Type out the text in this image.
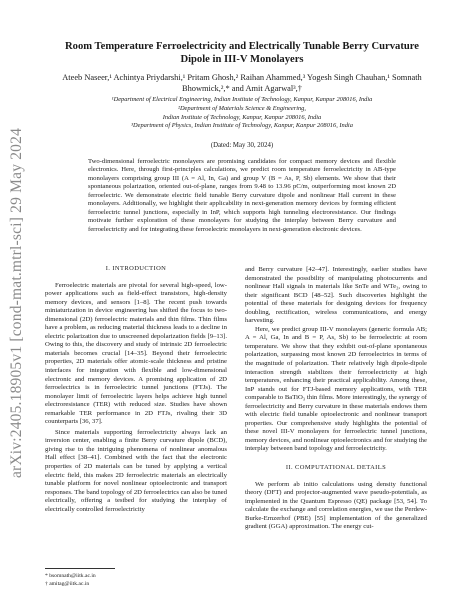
arXiv:2405.18905v1 [cond-mat.mtrl-sci] 29 May 2024
Room Temperature Ferroelectricity and Electrically Tunable Berry Curvature Dipole in III-V Monolayers
Ateeb Naseer,¹ Achintya Priydarshi,¹ Pritam Ghosh,² Raihan Ahammed,³ Yogesh Singh Chauhan,¹ Somnath Bhowmick,²,* and Amit Agarwal³,†
¹Department of Electrical Engineering, Indian Institute of Technology, Kanpur, Kanpur 208016, India
²Department of Materials Science & Engineering,
Indian Institute of Technology, Kanpur, Kanpur 208016, India
³Department of Physics, Indian Institute of Technology, Kanpur, Kanpur 208016, India
(Dated: May 30, 2024)
Two-dimensional ferroelectric monolayers are promising candidates for compact memory devices and flexible electronics. Here, through first-principles calculations, we predict room temperature ferroelectricity in AB-type monolayers comprising group III (A = Al, In, Ga) and group V (B = As, P, Sb) elements. We show that their spontaneous polarization, oriented out-of-plane, ranges from 9.48 to 13.96 pC/m, outperforming most known 2D ferroelectric. We demonstrate electric field tunable Berry curvature dipole and nonlinear Hall current in these monolayers. Additionally, we highlight their applicability in next-generation memory devices by forming efficient ferroelectric tunnel junctions, especially in InP, which supports high tunneling electroresistance. Our findings motivate further exploration of these monolayers for studying the interplay between Berry curvature and ferroelectricity and for integrating these ferroelectric monolayers in next-generation electronic devices.
I. INTRODUCTION
Ferroelectric materials are pivotal for several high-speed, low-power applications such as field-effect transistors, high-density memory devices, and sensors [1–8]. The recent push towards miniaturization in device engineering has shifted the focus to two-dimensional (2D) ferroelectric materials and thin films. Thin films have a problem, as reducing material thickness leads to a decline in electric polarization due to unscreened depolarization fields [9–13]. Owing to this, the discovery and study of intrinsic 2D ferroelectric materials becomes crucial [14–35]. Beyond their ferroelectric properties, 2D materials offer atomic-scale thickness and pristine interfaces for integration with flexible and low-dimensional electronic and memory devices. A promising application of 2D ferroelectrics is in ferroelectric tunnel junctions (FTJs). The monolayer limit of ferroelectric layers helps achieve high tunnel electroresistance (TER) with reduced size. Studies have shown remarkable TER performance in 2D FTJs, rivaling their 3D counterparts [36, 37].
Since materials supporting ferroelectricity always lack an inversion center, enabling a finite Berry curvature dipole (BCD), giving rise to the intriguing phenomena of nonlinear anomalous Hall effect [38–41]. Combined with the fact that the electronic properties of 2D materials can be tuned by applying a vertical electric field, this makes 2D ferroelectric materials an electrically tunable platform for novel nonlinear optoelectronic and transport responses. The band topology of 2D ferroelectrics can also be tuned electrically, offering a testbed for studying the interplay of electrically controlled ferroelectricity
and Berry curvature [42–47]. Interestingly, earlier studies have demonstrated the possibility of manipulating photocurrents and nonlinear Hall signals in materials like SnTe and WTe₂, owing to their significant BCD [48–52]. Such discoveries highlight the potential of these materials for designing devices for frequency doubling, rectification, wireless communications, and energy harvesting.
Here, we predict group III-V monolayers (generic formula AB; A = Al, Ga, In and B = P, As, Sb) to be ferroelectric at room temperature. We show that they exhibit out-of-plane spontaneous polarization, surpassing most known 2D ferroelectrics in terms of the magnitude of polarization. Their relatively high dipole-dipole interaction strength stabilizes their ferroelectricity at high temperatures, enhancing their practical applicability. Among these, InP stands out for FTJ-based memory applications, with TER comparable to BaTiO₃ thin films. More interestingly, the synergy of ferroelectricity and Berry curvature in these materials endows them with electric field tunable optoelectronic and nonlinear transport properties. Our comprehensive study highlights the potential of these novel III-V monolayers for ferroelectric tunnel junctions, memory devices, and nonlinear optoelectronics and for studying the interplay between band topology and ferroelectricity.
II. COMPUTATIONAL DETAILS
We perform ab initio calculations using density functional theory (DFT) and projector-augmented wave pseudo-potentials, as implemented in the Quantum Espresso (QE) package [53, 54]. To calculate the exchange and correlation energies, we use the Perdew-Burke-Ernzerhof (PBE) [55] implementation of the generalized gradient (GGA) approximation. The energy cut-
* bsomnath@iitk.ac.in
† amitag@iitk.ac.in
